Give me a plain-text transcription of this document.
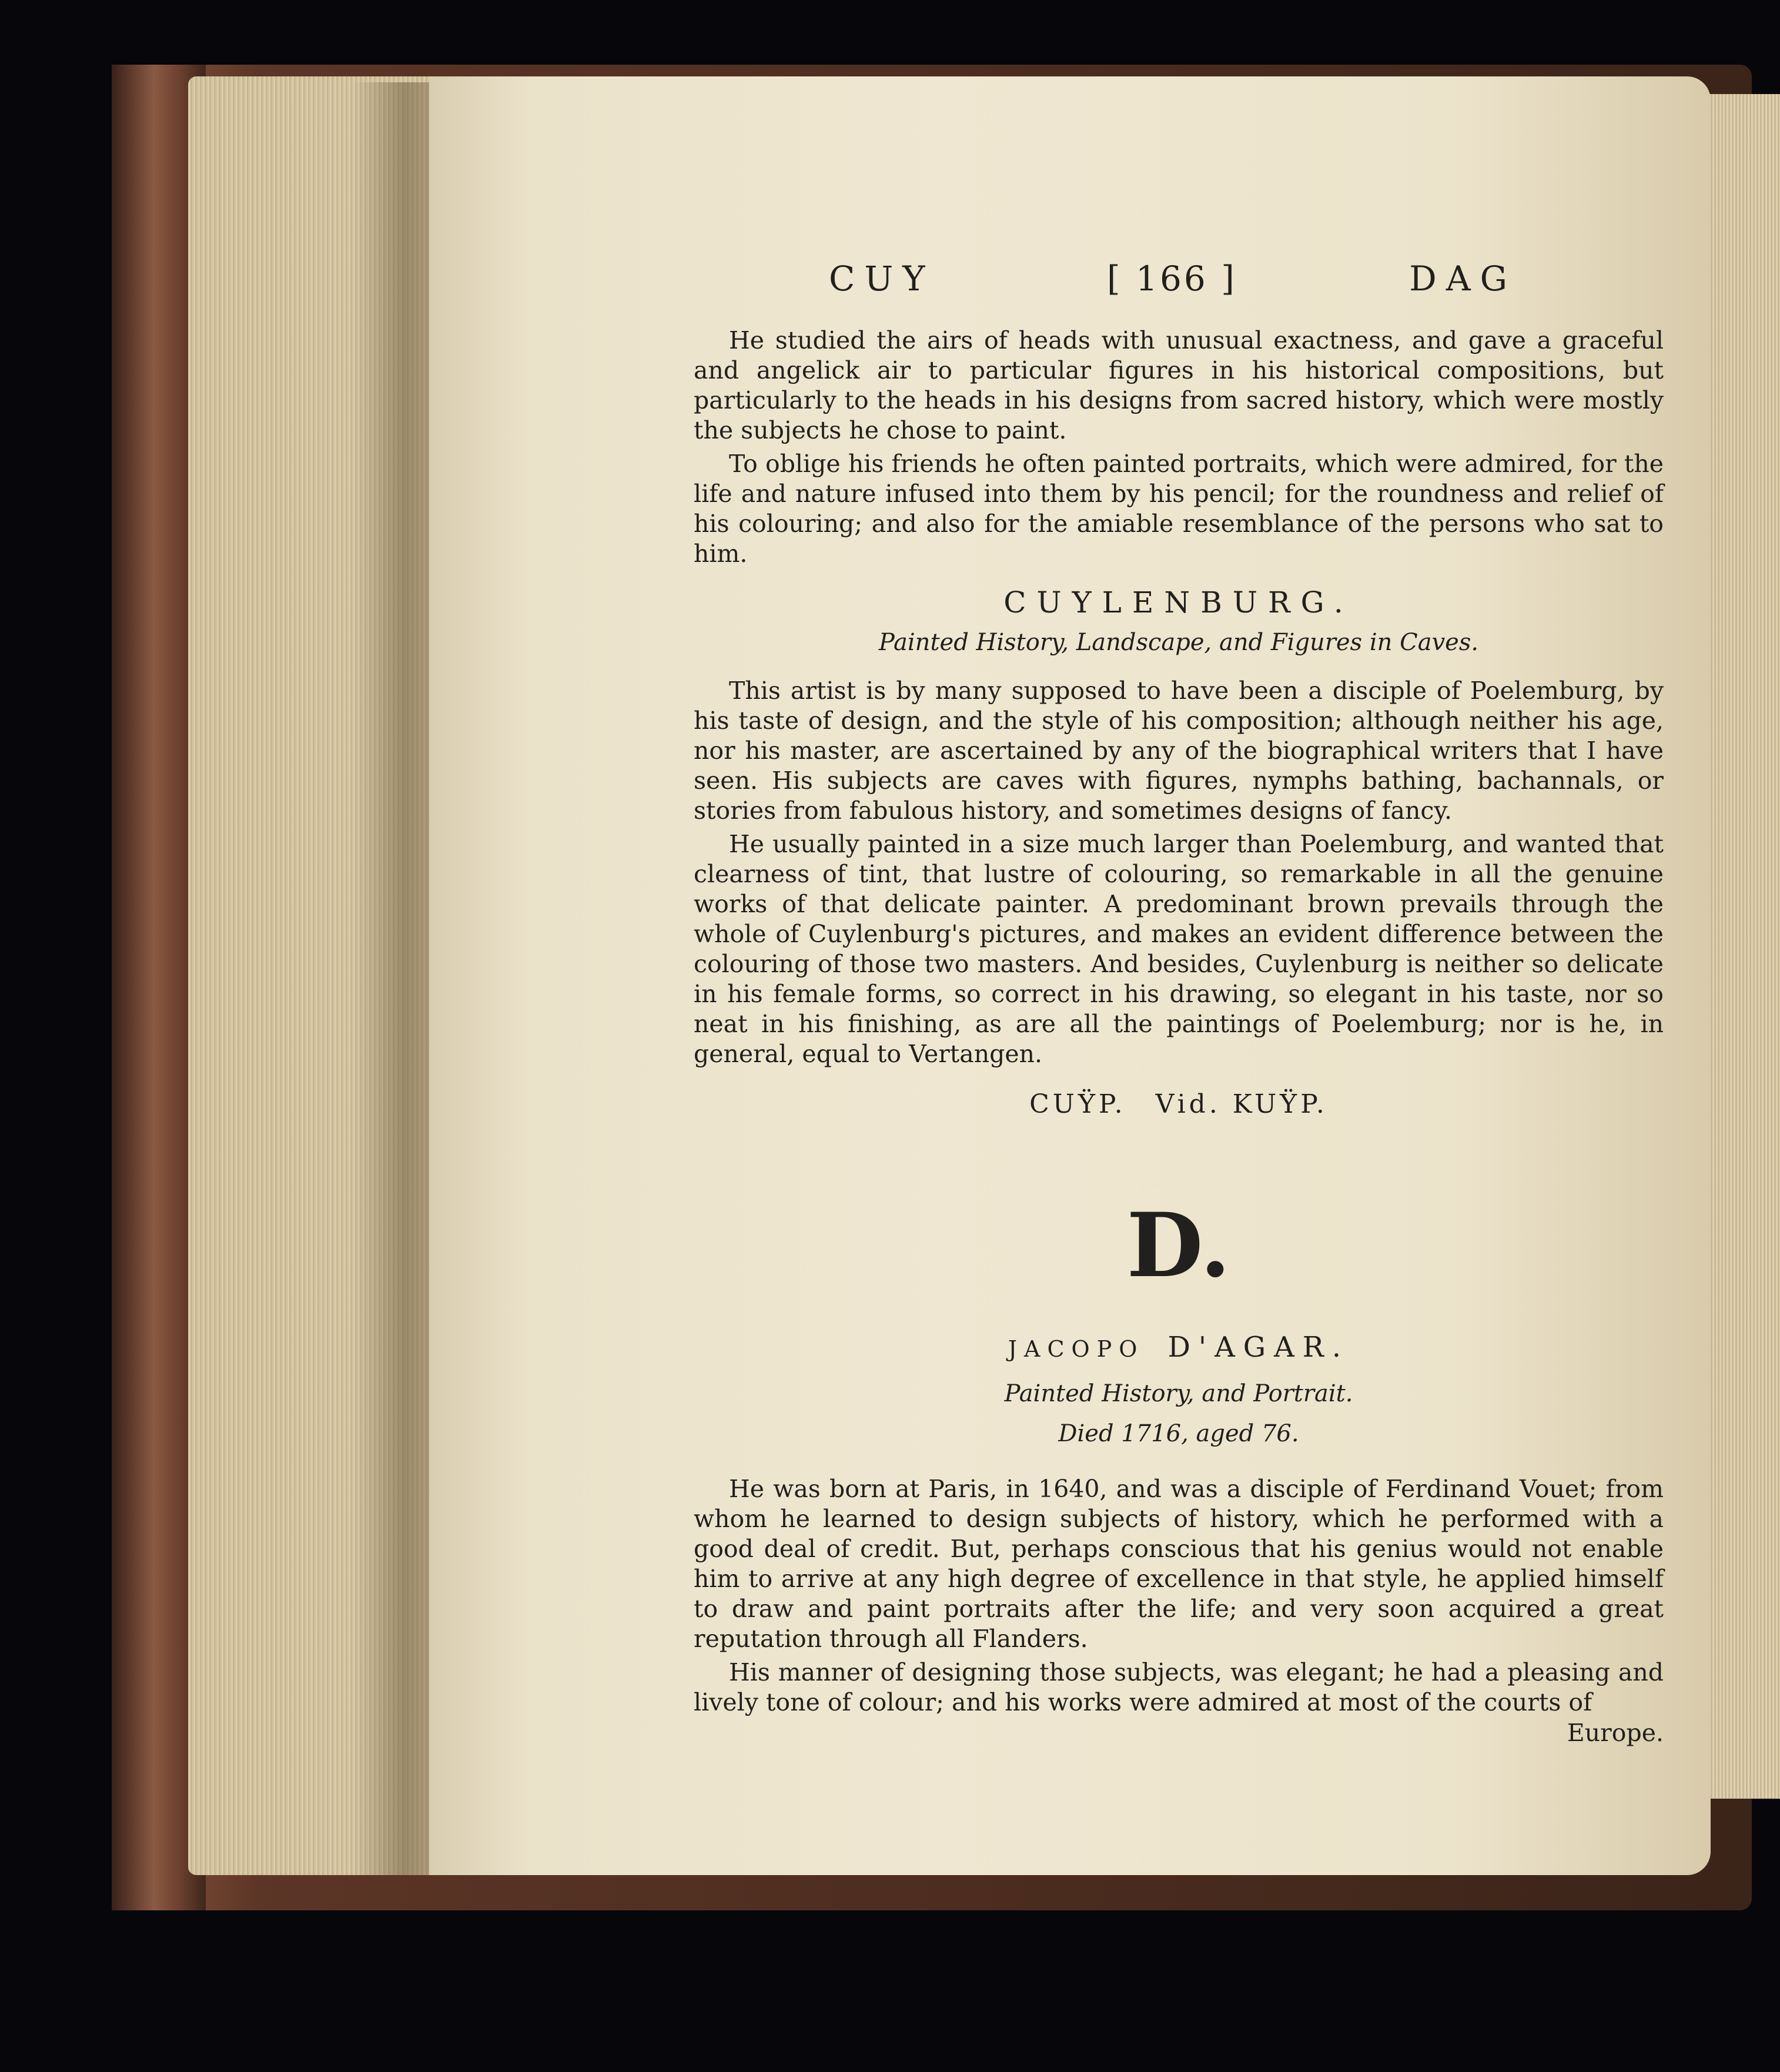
CUY	[ 166 ]	DAG

He studied the airs of heads with unusual exactness, and gave a graceful and angelick air to particular figures in his historical compositions, but particularly to the heads in his designs from sacred history, which were mostly the subjects he chose to paint.

To oblige his friends he often painted portraits, which were admired, for the life and nature infused into them by his pencil; for the roundness and relief of his colouring; and also for the amiable resemblance of the persons who sat to him.

CUYLENBURG.
Painted History, Landscape, and Figures in Caves.

This artist is by many supposed to have been a disciple of Poelemburg, by his taste of design, and the style of his composition; although neither his age, nor his master, are ascertained by any of the biographical writers that I have seen. His subjects are caves with figures, nymphs bathing, bachannals, or stories from fabulous history, and sometimes designs of fancy.

He usually painted in a size much larger than Poelemburg, and wanted that clearness of tint, that lustre of colouring, so remarkable in all the genuine works of that delicate painter. A predominant brown prevails through the whole of Cuylenburg's pictures, and makes an evident difference between the colouring of those two masters. And besides, Cuylenburg is neither so delicate in his female forms, so correct in his drawing, so elegant in his taste, nor so neat in his finishing, as are all the paintings of Poelemburg; nor is he, in general, equal to Vertangen.

CUŸP. Vid. KUŸP.
D.
JACOPO D'AGAR.
Painted History, and Portrait.
Died 1716, aged 76.

He was born at Paris, in 1640, and was a disciple of Ferdinand Vouet; from whom he learned to design subjects of history, which he performed with a good deal of credit. But, perhaps conscious that his genius would not enable him to arrive at any high degree of excellence in that style, he applied himself to draw and paint portraits after the life; and very soon acquired a great reputation through all Flanders.

His manner of designing those subjects, was elegant; he had a pleasing and lively tone of colour; and his works were admired at most of the courts of

Europe.
